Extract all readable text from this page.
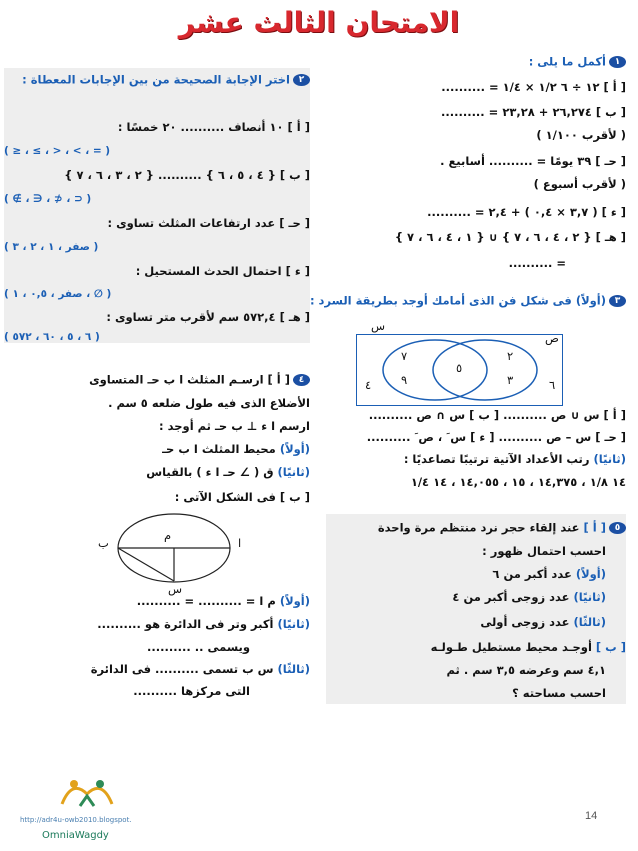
الامتحان الثالث عشر
١أكمل ما يلى :
[ أ ] ١٢ ÷ ٦ ١/٢ × ١/٤ = ..........
[ ب ] ٢٦,٢٧٤ + ٢٣,٢٨ = ..........
( لأقرب ١/١٠٠ )
[ حـ ] ٣٩ يومًا = .......... أسابيع .
( لأقرب أسبوع )
[ ء ] ( ٣,٧ × ٠,٤ ) + ٢,٤ = ..........
[ هـ ] { ٢ ، ٤ ، ٦ ، ٧ } ∪ { ١ ، ٤ ، ٦ ، ٧ }
= ..........
٣(أولاً) فى شكل فن الذى أمامك أوجد بطريقة السرد :
س
ص
٧
٩
٥
٢
٣
٤	٦
[ أ ] س ∪ ص .......... [ ب ] س ∩ ص ..........
[ حـ ] س – ص .......... [ ء ] س َ ، ص َ ..........
(ثانيًا) رتب الأعداد الآتية ترتيبًا تصاعديًا :
١٤ ١/٨ ، ١٤,٣٧٥ ، ١٥ ، ١٤,٠٥٥ ، ١٤ ١/٤
٥[ أ ] عند إلقاء حجر نرد منتظم مرة واحدة
احسب احتمال ظهور :
(أولاً) عدد أكبر من ٦
(ثانيًا) عدد زوجى أكبر من ٤
(ثالثًا) عدد زوجى أولى
[ ب ] أوجـد محيط مستطيل طـولـه
٤,١ سم وعرضه ٣,٥ سم . ثم
احسب مساحته ؟
٢اختر الإجابة الصحيحة من بين الإجابات المعطاة :
[ أ ] ١٠ أنصاف .......... ٢٠ خمسًا :
( = ، > ، < ، ≥ ، ≤ )
[ ب ] { ٤ ، ٥ ، ٦ } .......... { ٢ ، ٣ ، ٦ ، ٧ }
( ⊂ ، ⊄ ، ∈ ، ∌ )
[ حـ ] عدد ارتفاعات المثلث تساوى :
( صفر ، ١ ، ٢ ، ٣ )
[ ء ] احتمال الحدث المستحيل :
( ∅ ، صفر ، ٠,٥ ، ١ )
[ هـ ] ٥٧٢,٤ سم لأقرب متر تساوى :
( ٦ ، ٥ ، ٦٠ ، ٥٧٢ )
٤[ أ ] ارسـم المثلث ا ب حـ المتساوى
الأضلاع الذى فيه طول ضلعه ٥ سم .
ارسم ا ء ⊥ ب حـ ثم أوجد :
(أولاً) محيط المثلث ا ب حـ
(ثانيًا) ق ( ∠ حـ ا ء ) بالقياس
[ ب ] فى الشكل الآتى :
ا
م
ب
س
(أولاً) م ا = .......... = ..........
(ثانيًا) أكبر وتر فى الدائرة هو ..........
ويسمى .. ..........
(ثالثًا) س ب تسمى .......... فى الدائرة
التى مركزها ..........
14
http://adr4u-owb2010.blogspot.
OmniaWagdy
